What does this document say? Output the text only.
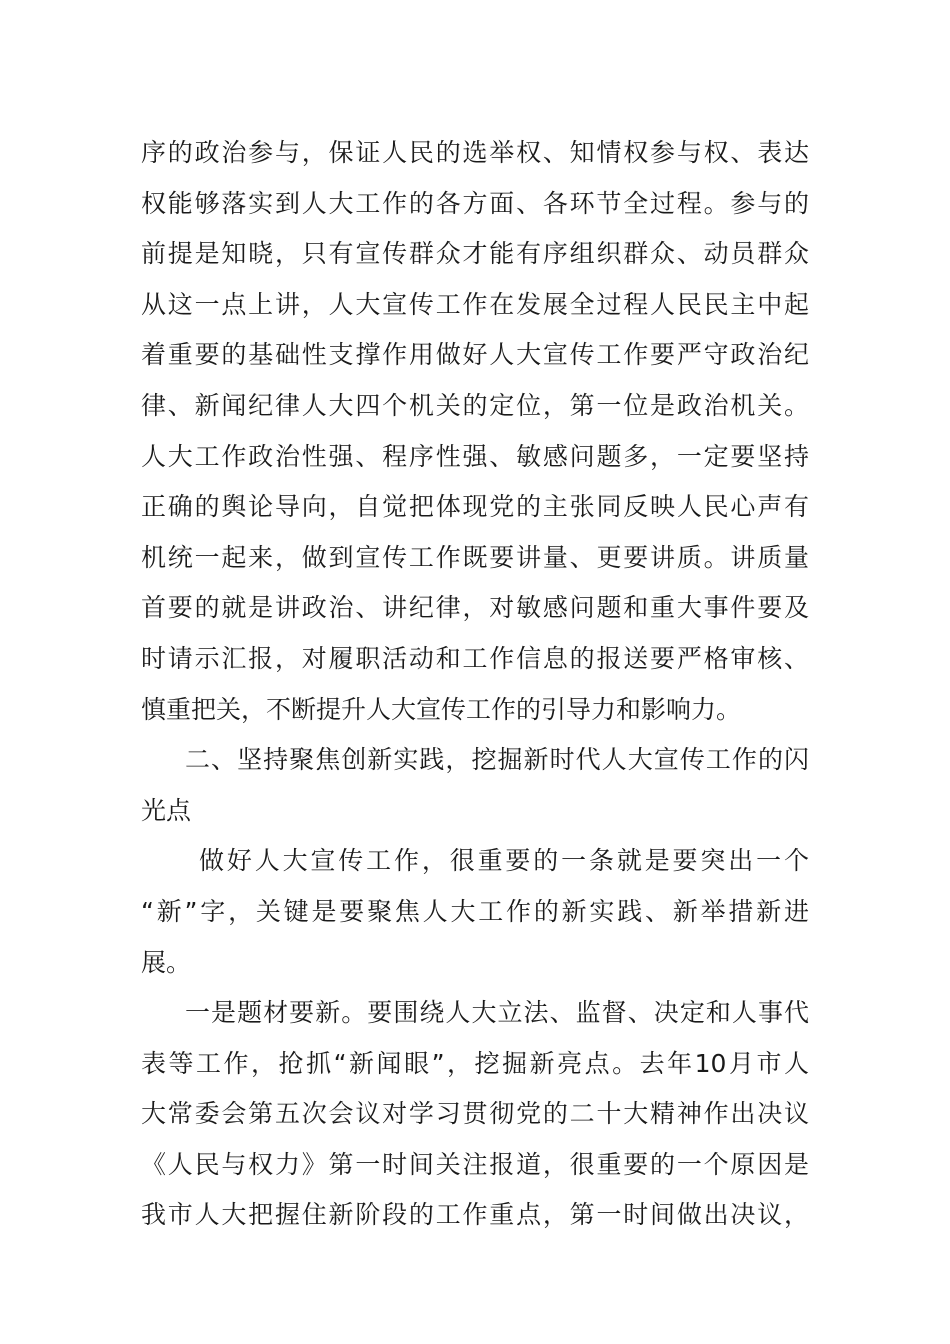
序的政治参与，保证人民的选举权、知情权参与权、表达
权能够落实到人大工作的各方面、各环节全过程。参与的
前提是知晓，只有宣传群众才能有序组织群众、动员群众
从这一点上讲，人大宣传工作在发展全过程人民民主中起
着重要的基础性支撑作用做好人大宣传工作要严守政治纪
律、新闻纪律人大四个机关的定位，第一位是政治机关。
人大工作政治性强、程序性强、敏感问题多，一定要坚持
正确的舆论导向，自觉把体现党的主张同反映人民心声有
机统一起来，做到宣传工作既要讲量、更要讲质。讲质量
首要的就是讲政治、讲纪律，对敏感问题和重大事件要及
时请示汇报，对履职活动和工作信息的报送要严格审核、
慎重把关，不断提升人大宣传工作的引导力和影响力。
二、坚持聚焦创新实践，挖掘新时代人大宣传工作的闪
光点
做好人大宣传工作，很重要的一条就是要突出一个
“新”字，关键是要聚焦人大工作的新实践、新举措新进
展。
一是题材要新。要围绕人大立法、监督、决定和人事代
表等工作，抢抓“新闻眼”，挖掘新亮点。去年10月市人
大常委会第五次会议对学习贯彻党的二十大精神作出决议
《人民与权力》第一时间关注报道，很重要的一个原因是
我市人大把握住新阶段的工作重点，第一时间做出决议，
